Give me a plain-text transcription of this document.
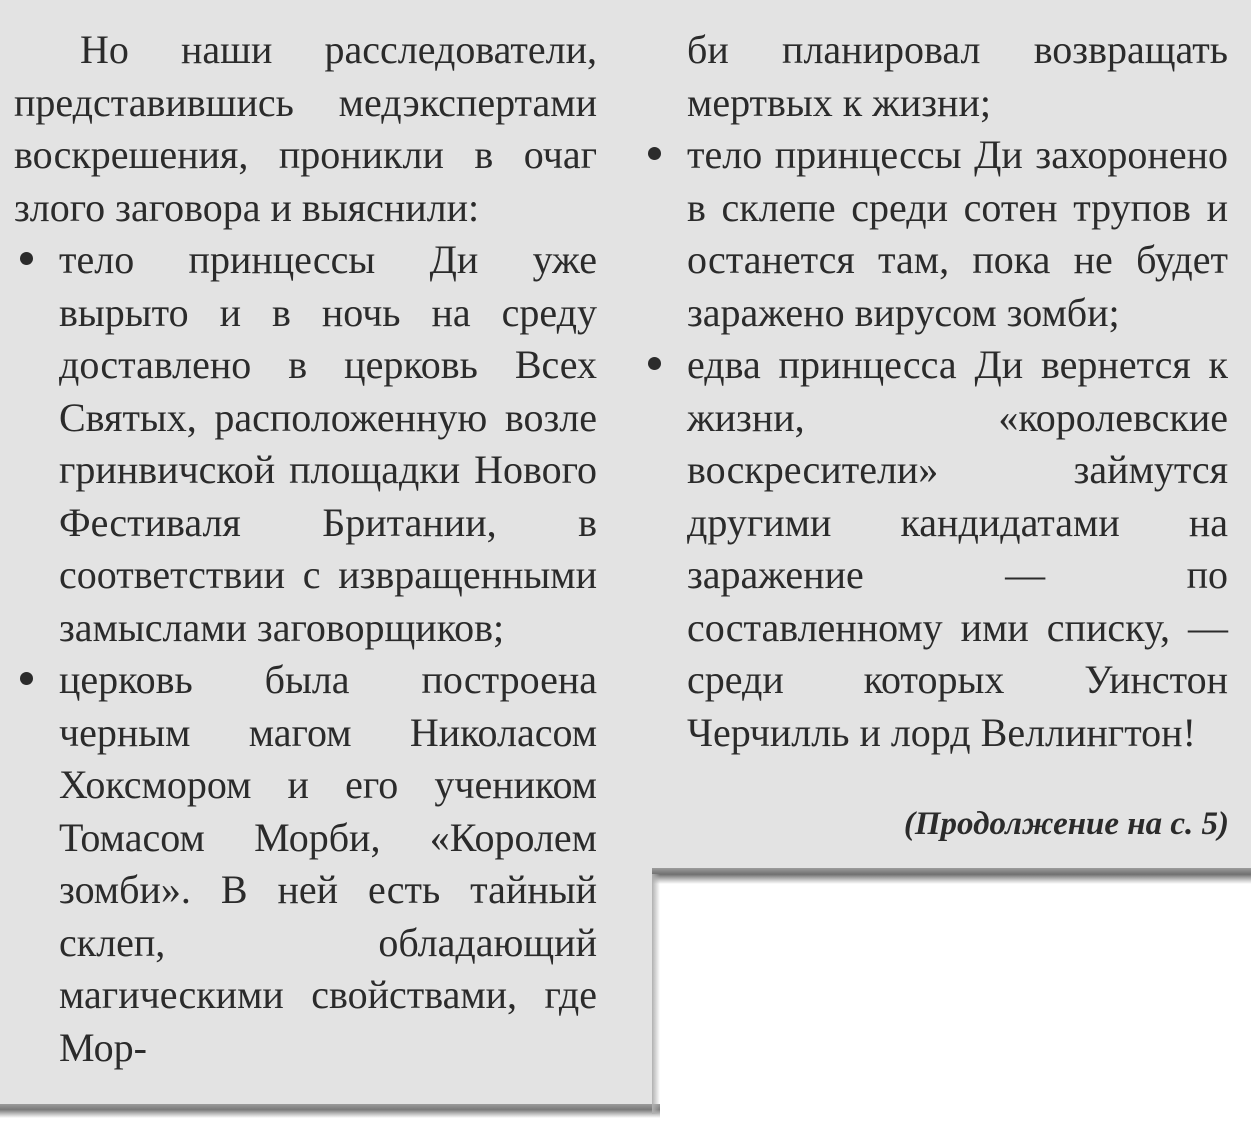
Но наши расследователи, представившись медэкспертами воскрешения, проникли в очаг злого заговора и выяснили:

тело принцессы Ди уже вырыто и в ночь на среду доставлено в церковь Всех Святых, расположенную возле гринвичской площадки Нового Фестиваля Британии, в соответствии с извращенными замыслами заговорщиков;
церковь была построена черным магом Николасом Хоксмором и его учеником Томасом Морби, «Королем зомби». В ней есть тайный склеп, обладающий магическими свойствами, где Мор-

би планировал возвращать мертвых к жизни;

тело принцессы Ди захоронено в склепе среди сотен трупов и останется там, пока не будет заражено вирусом зомби;
едва принцесса Ди вернется к жизни, «королевские воскресители» займутся другими кандидатами на заражение — по составленному ими списку, — среди которых Уинстон Черчилль и лорд Веллингтон!
(Продолжение на с. 5)
